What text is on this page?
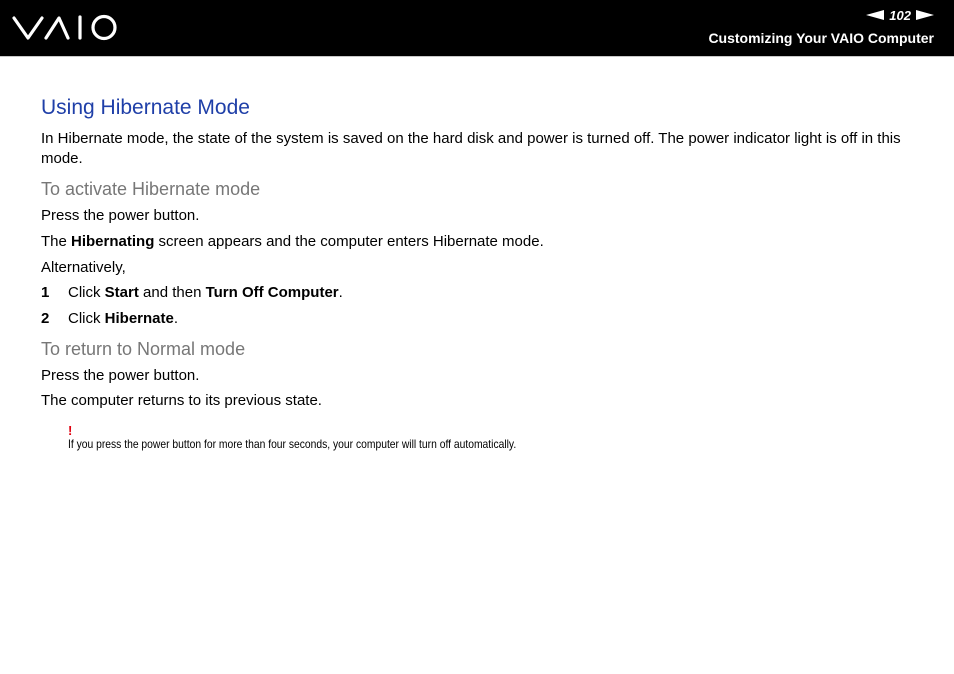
102
Customizing Your VAIO Computer
Using Hibernate Mode

In Hibernate mode, the state of the system is saved on the hard disk and power is turned off. The power indicator light is off in this mode.

To activate Hibernate mode

Press the power button.

The Hibernating screen appears and the computer enters Hibernate mode.

Alternatively,

1	Click Start and then Turn Off Computer.
2	Click Hibernate.
To return to Normal mode

Press the power button.

The computer returns to its previous state.

!
If you press the power button for more than four seconds, your computer will turn off automatically.
